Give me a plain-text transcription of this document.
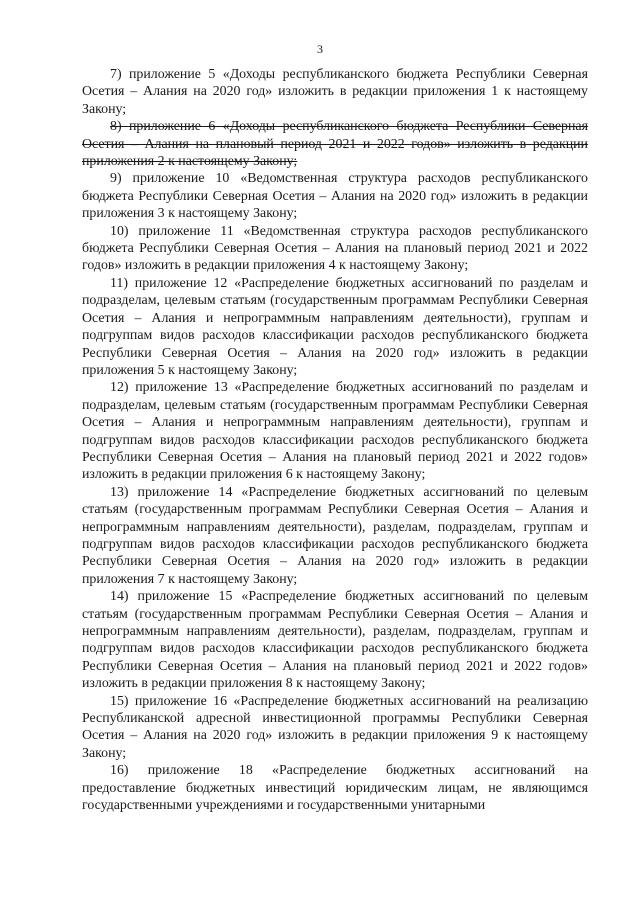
3

7) приложение 5 «Доходы республиканского бюджета Республики Северная Осетия – Алания на 2020 год» изложить в редакции приложения 1 к настоящему Закону;

8) приложение 6 «Доходы республиканского бюджета Республики Северная Осетия – Алания на плановый период 2021 и 2022 годов» изложить в редакции приложения 2 к настоящему Закону;

9) приложение 10 «Ведомственная структура расходов республиканского бюджета Республики Северная Осетия – Алания на 2020 год» изложить в редакции приложения 3 к настоящему Закону;

10) приложение 11 «Ведомственная структура расходов республиканского бюджета Республики Северная Осетия – Алания на плановый период 2021 и 2022 годов» изложить в редакции приложения 4 к настоящему Закону;

11) приложение 12 «Распределение бюджетных ассигнований по разделам и подразделам, целевым статьям (государственным программам Республики Северная Осетия – Алания и непрограммным направлениям деятельности), группам и подгруппам видов расходов классификации расходов республиканского бюджета Республики Северная Осетия – Алания на 2020 год» изложить в редакции приложения 5 к настоящему Закону;

12) приложение 13 «Распределение бюджетных ассигнований по разделам и подразделам, целевым статьям (государственным программам Республики Северная Осетия – Алания и непрограммным направлениям деятельности), группам и подгруппам видов расходов классификации расходов республиканского бюджета Республики Северная Осетия – Алания на плановый период 2021 и 2022 годов» изложить в редакции приложения 6 к настоящему Закону;

13) приложение 14 «Распределение бюджетных ассигнований по целевым статьям (государственным программам Республики Северная Осетия – Алания и непрограммным направлениям деятельности), разделам, подразделам, группам и подгруппам видов расходов классификации расходов республиканского бюджета Республики Северная Осетия – Алания на 2020 год» изложить в редакции приложения 7 к настоящему Закону;

14) приложение 15 «Распределение бюджетных ассигнований по целевым статьям (государственным программам Республики Северная Осетия – Алания и непрограммным направлениям деятельности), разделам, подразделам, группам и подгруппам видов расходов классификации расходов республиканского бюджета Республики Северная Осетия – Алания на плановый период 2021 и 2022 годов» изложить в редакции приложения 8 к настоящему Закону;

15) приложение 16 «Распределение бюджетных ассигнований на реализацию Республиканской адресной инвестиционной программы Республики Северная Осетия – Алания на 2020 год» изложить в редакции приложения 9 к настоящему Закону;

16) приложение 18 «Распределение бюджетных ассигнований на предоставление бюджетных инвестиций юридическим лицам, не являющимся государственными учреждениями и государственными унитарными
